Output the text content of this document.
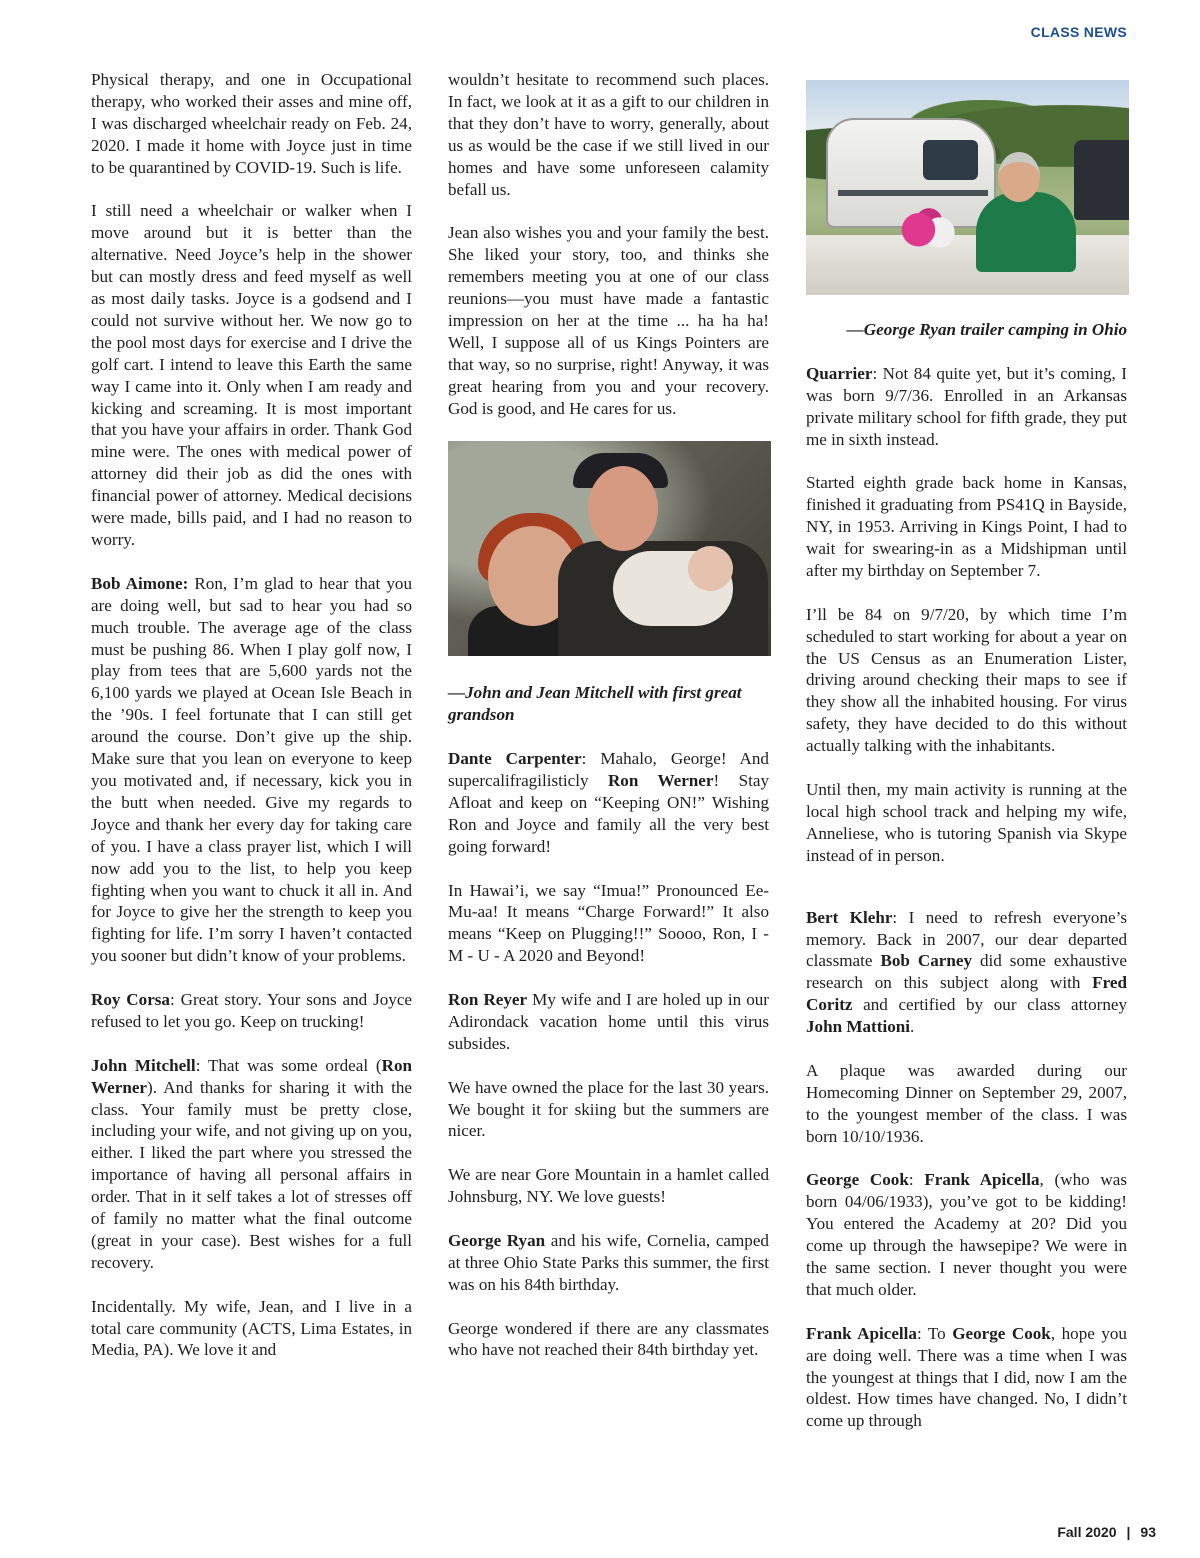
CLASS NEWS

Physical therapy, and one in Occupational therapy, who worked their asses and mine off, I was discharged wheelchair ready on Feb. 24, 2020. I made it home with Joyce just in time to be quarantined by COVID-19. Such is life.

I still need a wheelchair or walker when I move around but it is better than the alternative. Need Joyce’s help in the shower but can mostly dress and feed myself as well as most daily tasks. Joyce is a godsend and I could not survive without her. We now go to the pool most days for exercise and I drive the golf cart. I intend to leave this Earth the same way I came into it. Only when I am ready and kicking and screaming. It is most important that you have your affairs in order. Thank God mine were. The ones with medical power of attorney did their job as did the ones with financial power of attorney. Medical decisions were made, bills paid, and I had no reason to worry.

Bob Aimone: Ron, I’m glad to hear that you are doing well, but sad to hear you had so much trouble. The average age of the class must be pushing 86. When I play golf now, I play from tees that are 5,600 yards not the 6,100 yards we played at Ocean Isle Beach in the ’90s. I feel fortunate that I can still get around the course. Don’t give up the ship. Make sure that you lean on everyone to keep you motivated and, if necessary, kick you in the butt when needed. Give my regards to Joyce and thank her every day for taking care of you. I have a class prayer list, which I will now add you to the list, to help you keep fighting when you want to chuck it all in. And for Joyce to give her the strength to keep you fighting for life. I’m sorry I haven’t contacted you sooner but didn’t know of your problems.

Roy Corsa: Great story. Your sons and Joyce refused to let you go. Keep on trucking!

John Mitchell: That was some ordeal (Ron Werner). And thanks for sharing it with the class. Your family must be pretty close, including your wife, and not giving up on you, either. I liked the part where you stressed the importance of having all personal affairs in order. That in it self takes a lot of stresses off of family no matter what the final outcome (great in your case). Best wishes for a full recovery.

Incidentally. My wife, Jean, and I live in a total care community (ACTS, Lima Estates, in Media, PA). We love it and

wouldn’t hesitate to recommend such places. In fact, we look at it as a gift to our children in that they don’t have to worry, generally, about us as would be the case if we still lived in our homes and have some unforeseen calamity befall us.

Jean also wishes you and your family the best. She liked your story, too, and thinks she remembers meeting you at one of our class reunions—you must have made a fantastic impression on her at the time ... ha ha ha! Well, I suppose all of us Kings Pointers are that way, so no surprise, right! Anyway, it was great hearing from you and your recovery. God is good, and He cares for us.

—John and Jean Mitchell with first great grandson

Dante Carpenter: Mahalo, George! And supercalifragilisticly Ron Werner! Stay Afloat and keep on “Keeping ON!” Wishing Ron and Joyce and family all the very best going forward!

In Hawai’i, we say “Imua!” Pronounced Ee-Mu-aa! It means “Charge Forward!” It also means “Keep on Plugging!!” Soooo, Ron, I - M - U - A 2020 and Beyond!

Ron Reyer My wife and I are holed up in our Adirondack vacation home until this virus subsides.

We have owned the place for the last 30 years. We bought it for skiing but the summers are nicer.

We are near Gore Mountain in a hamlet called Johnsburg, NY. We love guests!

George Ryan and his wife, Cornelia, camped at three Ohio State Parks this summer, the first was on his 84th birthday.

George wondered if there are any classmates who have not reached their 84th birthday yet.

—George Ryan trailer camping in Ohio

Quarrier: Not 84 quite yet, but it’s coming, I was born 9/7/36. Enrolled in an Arkansas private military school for fifth grade, they put me in sixth instead.

Started eighth grade back home in Kansas, finished it graduating from PS41Q in Bayside, NY, in 1953. Arriving in Kings Point, I had to wait for swearing-in as a Midshipman until after my birthday on September 7.

I’ll be 84 on 9/7/20, by which time I’m scheduled to start working for about a year on the US Census as an Enumeration Lister, driving around checking their maps to see if they show all the inhabited housing. For virus safety, they have decided to do this without actually talking with the inhabitants.

Until then, my main activity is running at the local high school track and helping my wife, Anneliese, who is tutoring Spanish via Skype instead of in person.

Bert Klehr: I need to refresh everyone’s memory. Back in 2007, our dear departed classmate Bob Carney did some exhaustive research on this subject along with Fred Coritz and certified by our class attorney John Mattioni.

A plaque was awarded during our Homecoming Dinner on September 29, 2007, to the youngest member of the class. I was born 10/10/1936.

George Cook: Frank Apicella, (who was born 04/06/1933), you’ve got to be kidding! You entered the Academy at 20? Did you come up through the hawsepipe? We were in the same section. I never thought you were that much older.

Frank Apicella: To George Cook, hope you are doing well. There was a time when I was the youngest at things that I did, now I am the oldest. How times have changed. No, I didn’t come up through

Fall 2020 | 93
